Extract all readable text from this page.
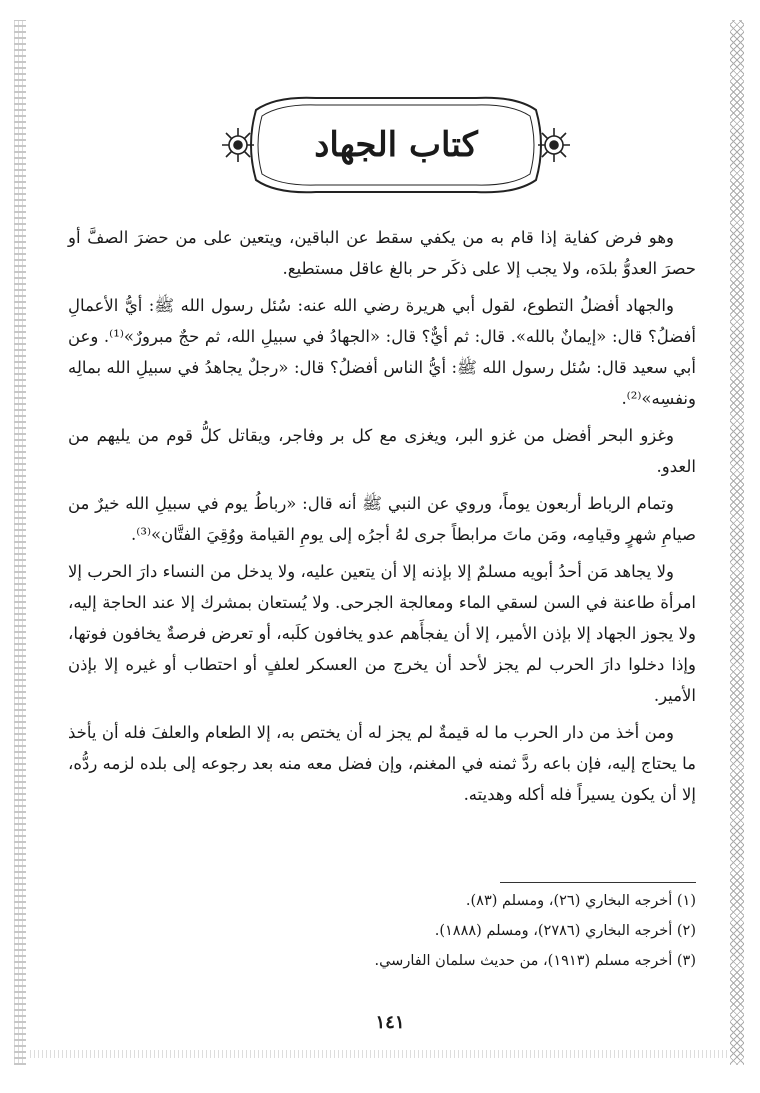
كتاب الجهاد

وهو فرض كفاية إذا قام به من يكفي سقط عن الباقين، ويتعين على من حضرَ الصفَّ أو حصرَ العدوُّ بلدَه، ولا يجب إلا على ذكَر حر بالغ عاقل مستطيع.

والجهاد أفضلُ التطوع، لقول أبي هريرة رضي الله عنه: سُئل رسول الله ﷺ: أيُّ الأعمالِ أفضلُ؟ قال: «إيمانٌ بالله». قال: ثم أيٌّ؟ قال: «الجهادُ في سبيلِ الله، ثم حجٌ مبرورٌ»⁽¹⁾. وعن أبي سعيد قال: سُئل رسول الله ﷺ: أيُّ الناس أفضلُ؟ قال: «رجلٌ يجاهدُ في سبيلِ الله بمالِه ونفسِه»⁽²⁾.

وغزو البحر أفضل من غزو البر، ويغزى مع كل بر وفاجر، ويقاتل كلُّ قوم من يليهم من العدو.

وتمام الرباط أربعون يوماً، وروي عن النبي ﷺ أنه قال: «رباطُ يوم في سبيلِ الله خيرٌ من صيامِ شهرٍ وقيامِه، ومَن ماتَ مرابطاً جرى لهُ أجرُه إلى يومِ القيامة ووُقِيَ الفتَّان»⁽³⁾.

ولا يجاهد مَن أحدُ أبويه مسلمٌ إلا بإذنه إلا أن يتعين عليه، ولا يدخل من النساء دارَ الحرب إلا امرأة طاعنة في السن لسقي الماء ومعالجة الجرحى. ولا يُستعان بمشرك إلا عند الحاجة إليه، ولا يجوز الجهاد إلا بإذن الأمير، إلا أن يفجأَهم عدو يخافون كلَبه، أو تعرض فرصةٌ يخافون فوتها، وإذا دخلوا دارَ الحرب لم يجز لأحد أن يخرج من العسكر لعلفٍ أو احتطاب أو غيره إلا بإذن الأمير.

ومن أخذ من دار الحرب ما له قيمةٌ لم يجز له أن يختص به، إلا الطعام والعلفَ فله أن يأخذ ما يحتاج إليه، فإن باعه ردَّ ثمنه في المغنم، وإن فضل معه منه بعد رجوعه إلى بلده لزمه ردُّه، إلا أن يكون يسيراً فله أكله وهديته.

(١) أخرجه البخاري (٢٦)، ومسلم (٨٣).
(٢) أخرجه البخاري (٢٧٨٦)، ومسلم (١٨٨٨).
(٣) أخرجه مسلم (١٩١٣)، من حديث سلمان الفارسي.
١٤١
